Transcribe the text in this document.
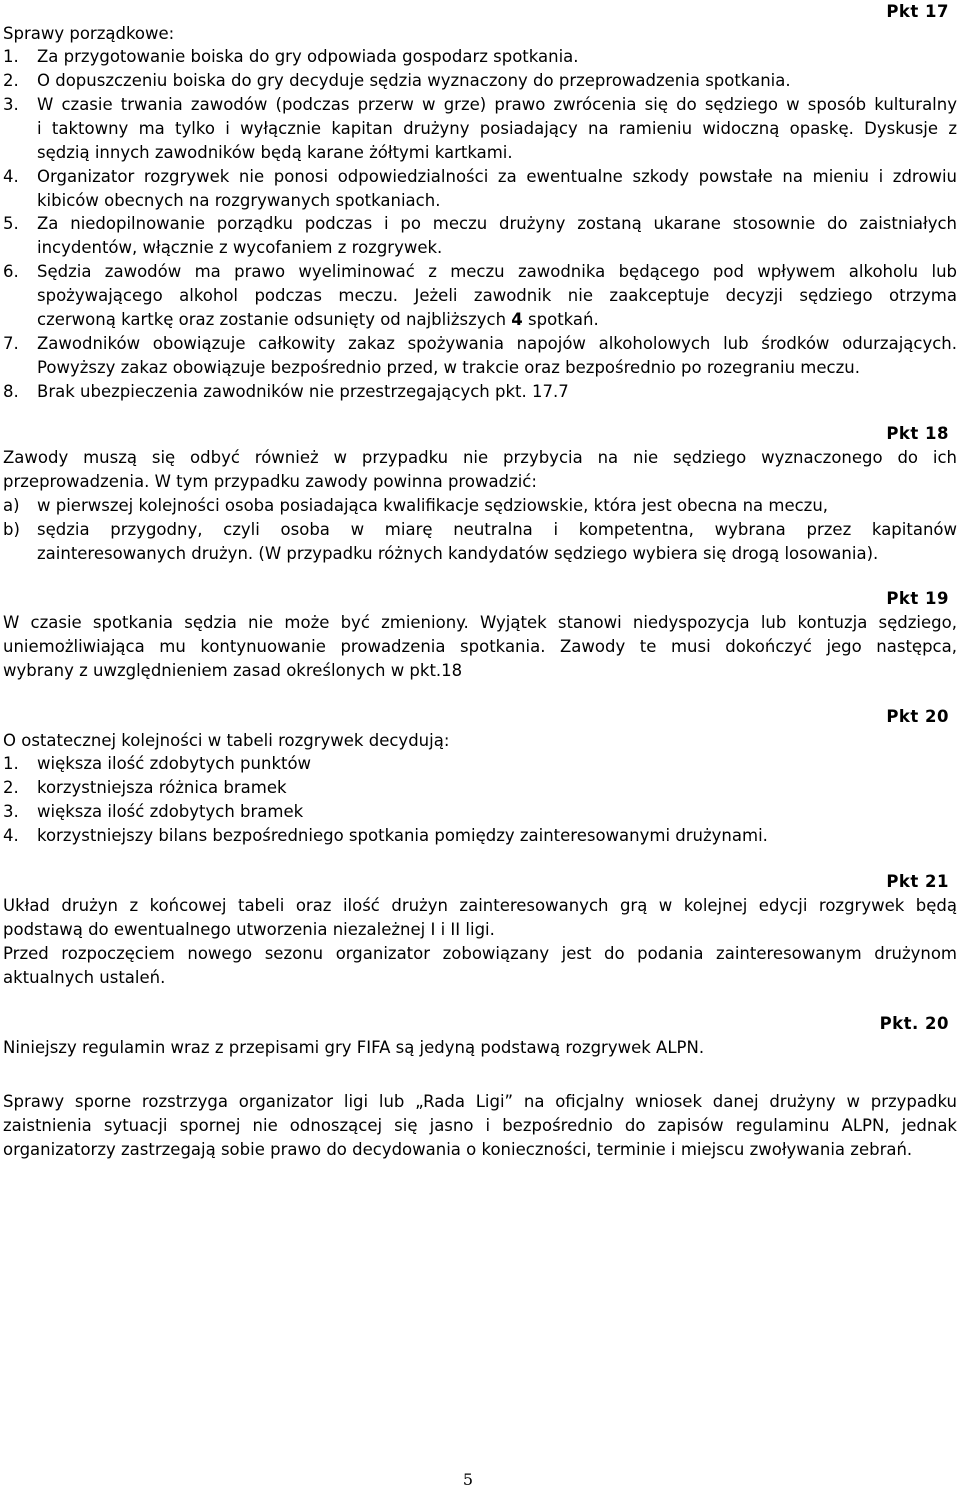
Pkt 17
Sprawy porządkowe:
1.	Za przygotowanie boiska do gry odpowiada gospodarz spotkania.
2.	O dopuszczeniu boiska do gry decyduje sędzia wyznaczony do przeprowadzenia spotkania.
3.	W czasie trwania zawodów (podczas przerw w grze) prawo zwrócenia się do sędziego w sposób kulturalny
i taktowny ma tylko i wyłącznie kapitan drużyny posiadający na ramieniu widoczną opaskę. Dyskusje z
sędzią innych zawodników będą karane żółtymi kartkami.
4.	Organizator rozgrywek nie ponosi odpowiedzialności za ewentualne szkody powstałe na mieniu i zdrowiu
kibiców obecnych na rozgrywanych spotkaniach.
5.	Za niedopilnowanie porządku podczas i po meczu drużyny zostaną ukarane stosownie do zaistniałych
incydentów, włącznie z wycofaniem z rozgrywek.
6.	Sędzia zawodów ma prawo wyeliminować z meczu zawodnika będącego pod wpływem alkoholu lub
spożywającego alkohol podczas meczu. Jeżeli zawodnik nie zaakceptuje decyzji sędziego otrzyma
czerwoną kartkę oraz zostanie odsunięty od najbliższych 4 spotkań.
7.	Zawodników obowiązuje całkowity zakaz spożywania napojów alkoholowych lub środków odurzających.
Powyższy zakaz obowiązuje bezpośrednio przed, w trakcie oraz bezpośrednio po rozegraniu meczu.
8.	Brak ubezpieczenia zawodników nie przestrzegających pkt. 17.7
Pkt 18
Zawody muszą się odbyć również w przypadku nie przybycia na nie sędziego wyznaczonego do ich
przeprowadzenia. W tym przypadku zawody powinna prowadzić:
a)	w pierwszej kolejności osoba posiadająca kwalifikacje sędziowskie, która jest obecna na meczu,
b)	sędzia przygodny, czyli osoba w miarę neutralna i kompetentna, wybrana przez kapitanów
zainteresowanych drużyn. (W przypadku różnych kandydatów sędziego wybiera się drogą losowania).
Pkt 19
W czasie spotkania sędzia nie może być zmieniony. Wyjątek stanowi niedyspozycja lub kontuzja sędziego,
uniemożliwiająca mu kontynuowanie prowadzenia spotkania. Zawody te musi dokończyć jego następca,
wybrany z uwzględnieniem zasad określonych w pkt.18
Pkt 20
O ostatecznej kolejności w tabeli rozgrywek decydują:
1.	większa ilość zdobytych punktów
2.	korzystniejsza różnica bramek
3.	większa ilość zdobytych bramek
4.	korzystniejszy bilans bezpośredniego spotkania pomiędzy zainteresowanymi drużynami.
Pkt 21
Układ drużyn z końcowej tabeli oraz ilość drużyn zainteresowanych grą w kolejnej edycji rozgrywek będą
podstawą do ewentualnego utworzenia niezależnej I i II ligi.
Przed rozpoczęciem nowego sezonu organizator zobowiązany jest do podania zainteresowanym drużynom
aktualnych ustaleń.
Pkt. 20
Niniejszy regulamin wraz z przepisami gry FIFA są jedyną podstawą rozgrywek ALPN.
Sprawy sporne rozstrzyga organizator ligi lub „Rada Ligi” na oficjalny wniosek danej drużyny w przypadku
zaistnienia sytuacji spornej nie odnoszącej się jasno i bezpośrednio do zapisów regulaminu ALPN, jednak
organizatorzy zastrzegają sobie prawo do decydowania o konieczności, terminie i miejscu zwoływania zebrań.
5
